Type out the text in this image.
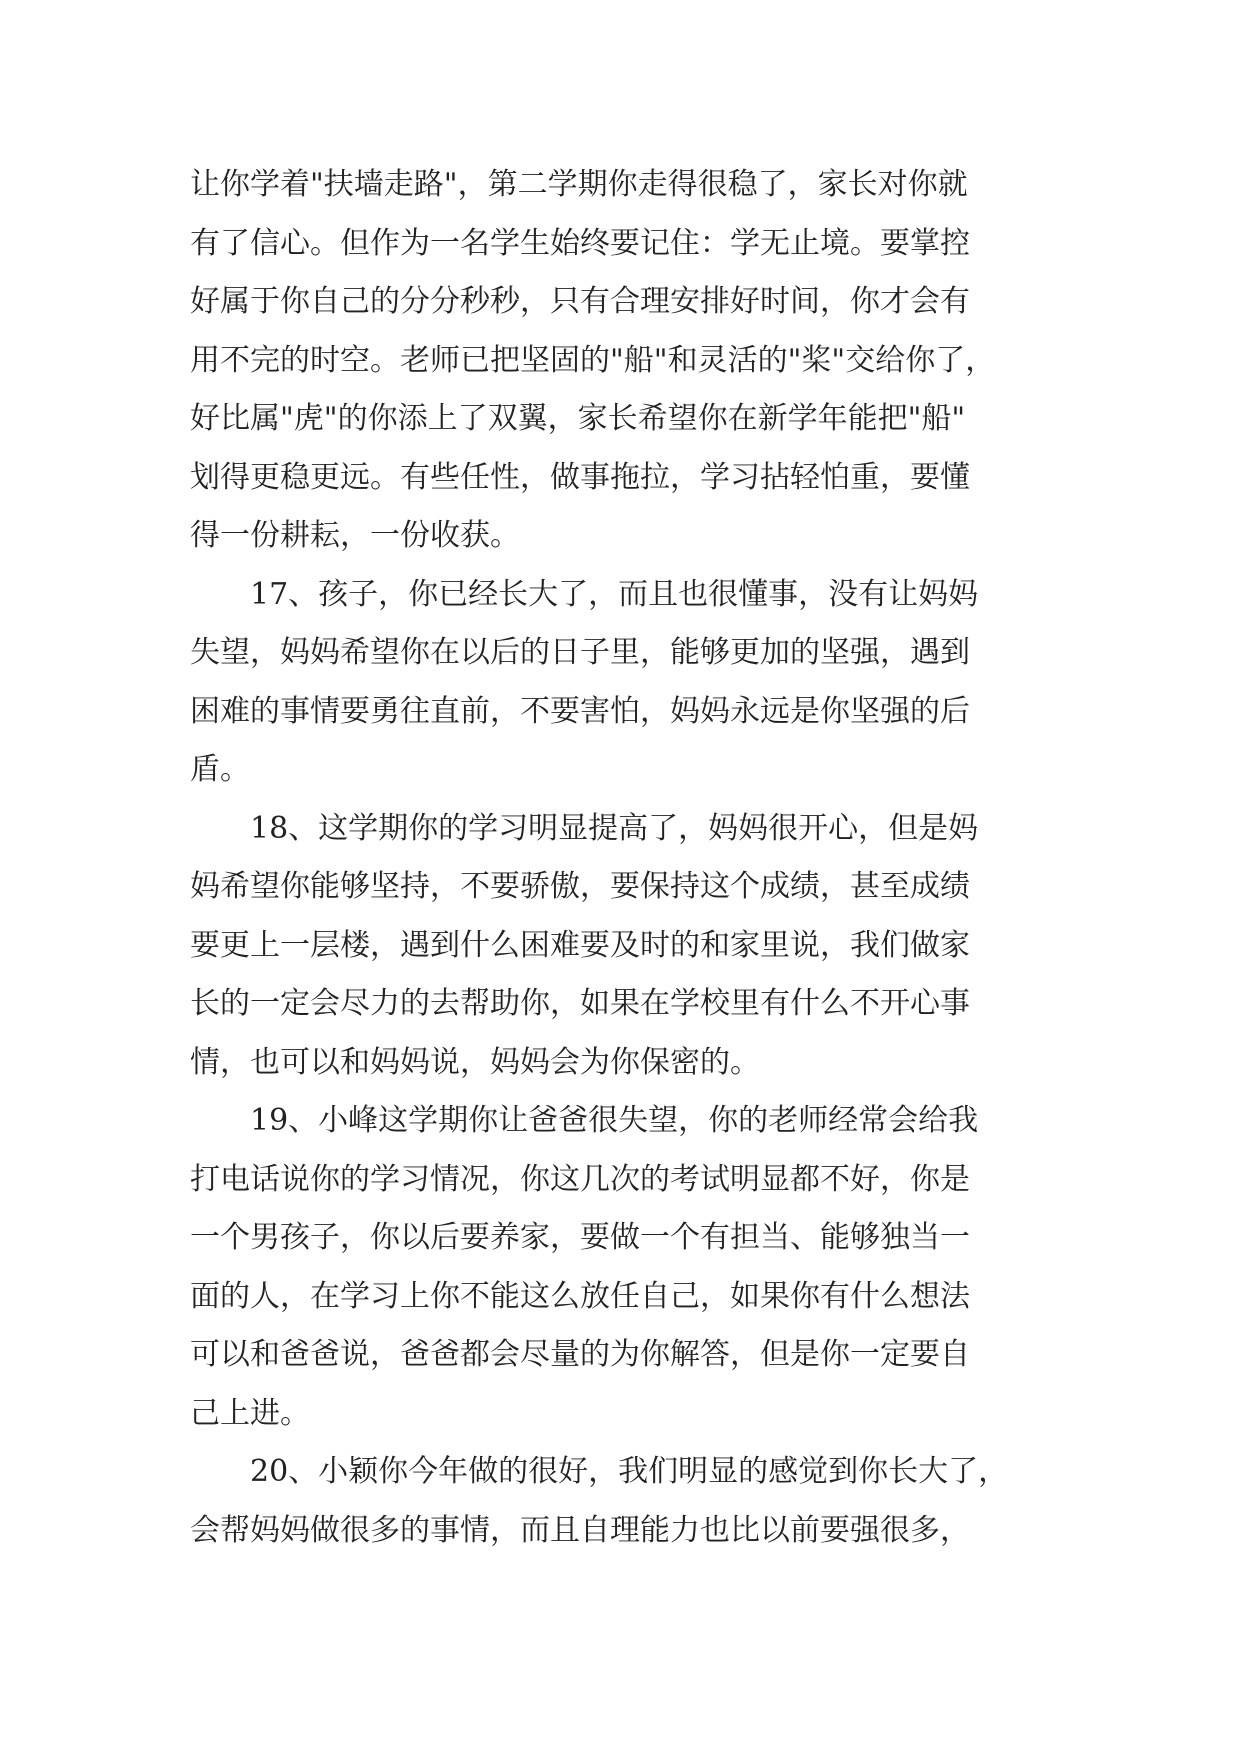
让你学着"扶墙走路"，第二学期你走得很稳了，家长对你就
有了信心。但作为一名学生始终要记住：学无止境。要掌控
好属于你自己的分分秒秒，只有合理安排好时间，你才会有
用不完的时空。老师已把坚固的"船"和灵活的"桨"交给你了，
好比属"虎"的你添上了双翼，家长希望你在新学年能把"船"
划得更稳更远。有些任性，做事拖拉，学习拈轻怕重，要懂
得一份耕耘，一份收获。
17、孩子，你已经长大了，而且也很懂事，没有让妈妈
失望，妈妈希望你在以后的日子里，能够更加的坚强，遇到
困难的事情要勇往直前，不要害怕，妈妈永远是你坚强的后
盾。
18、这学期你的学习明显提高了，妈妈很开心，但是妈
妈希望你能够坚持，不要骄傲，要保持这个成绩，甚至成绩
要更上一层楼，遇到什么困难要及时的和家里说，我们做家
长的一定会尽力的去帮助你，如果在学校里有什么不开心事
情，也可以和妈妈说，妈妈会为你保密的。
19、小峰这学期你让爸爸很失望，你的老师经常会给我
打电话说你的学习情况，你这几次的考试明显都不好，你是
一个男孩子，你以后要养家，要做一个有担当、能够独当一
面的人，在学习上你不能这么放任自己，如果你有什么想法
可以和爸爸说，爸爸都会尽量的为你解答，但是你一定要自
己上进。
20、小颖你今年做的很好，我们明显的感觉到你长大了，
会帮妈妈做很多的事情，而且自理能力也比以前要强很多，
